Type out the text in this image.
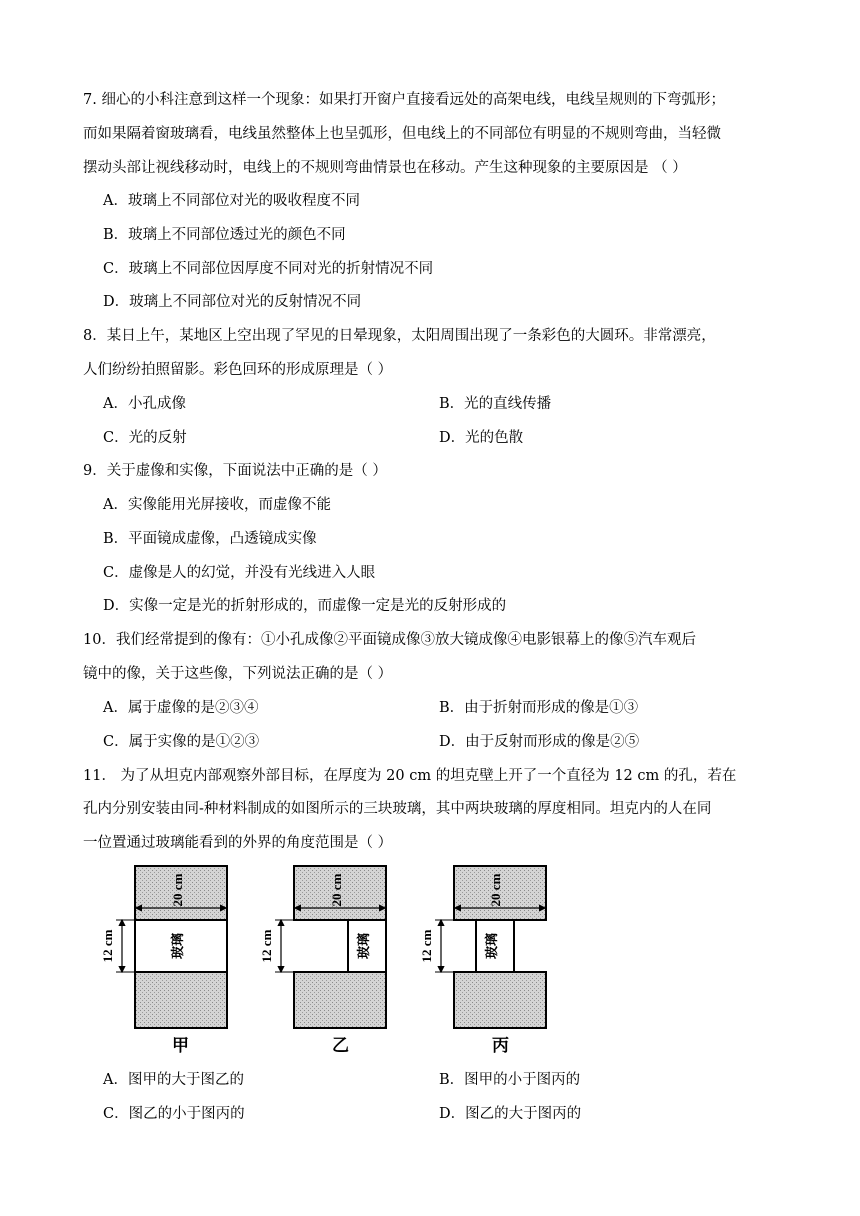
7. 细心的小科注意到这样一个现象：如果打开窗户直接看远处的高架电线，电线呈规则的下弯弧形；
而如果隔着窗玻璃看，电线虽然整体上也呈弧形，但电线上的不同部位有明显的不规则弯曲，当轻微
摆动头部让视线移动时，电线上的不规则弯曲情景也在移动。产生这种现象的主要原因是 （ ）
A．玻璃上不同部位对光的吸收程度不同
B．玻璃上不同部位透过光的颜色不同
C．玻璃上不同部位因厚度不同对光的折射情况不同
D．玻璃上不同部位对光的反射情况不同
8．某日上午，某地区上空出现了罕见的日晕现象，太阳周围出现了一条彩色的大圆环。非常漂亮，
人们纷纷拍照留影。彩色回环的形成原理是（ ）
A．小孔成像	B．光的直线传播
C．光的反射	D．光的色散
9．关于虚像和实像，下面说法中正确的是（ ）
A．实像能用光屏接收，而虚像不能
B．平面镜成虚像，凸透镜成实像
C．虚像是人的幻觉，并没有光线进入人眼
D．实像一定是光的折射形成的，而虚像一定是光的反射形成的
10．我们经常提到的像有：①小孔成像②平面镜成像③放大镜成像④电影银幕上的像⑤汽车观后
镜中的像，关于这些像，下列说法正确的是（ ）
A．属于虚像的是②③④	B．由于折射而形成的像是①③
C．属于实像的是①②③	D．由于反射而形成的像是②⑤
11． 为了从坦克内部观察外部目标，在厚度为 20 cm 的坦克壁上开了一个直径为 12 cm 的孔，若在
孔内分别安装由同-种材料制成的如图所示的三块玻璃，其中两块玻璃的厚度相同。坦克内的人在同
一位置通过玻璃能看到的外界的角度范围是（ ）
20 cm
12 cm	玻璃
20 cm
12 cm	玻璃
20 cm
12 cm	玻璃
甲	乙	丙
A．图甲的大于图乙的	B．图甲的小于图丙的
C．图乙的小于图丙的	D．图乙的大于图丙的
